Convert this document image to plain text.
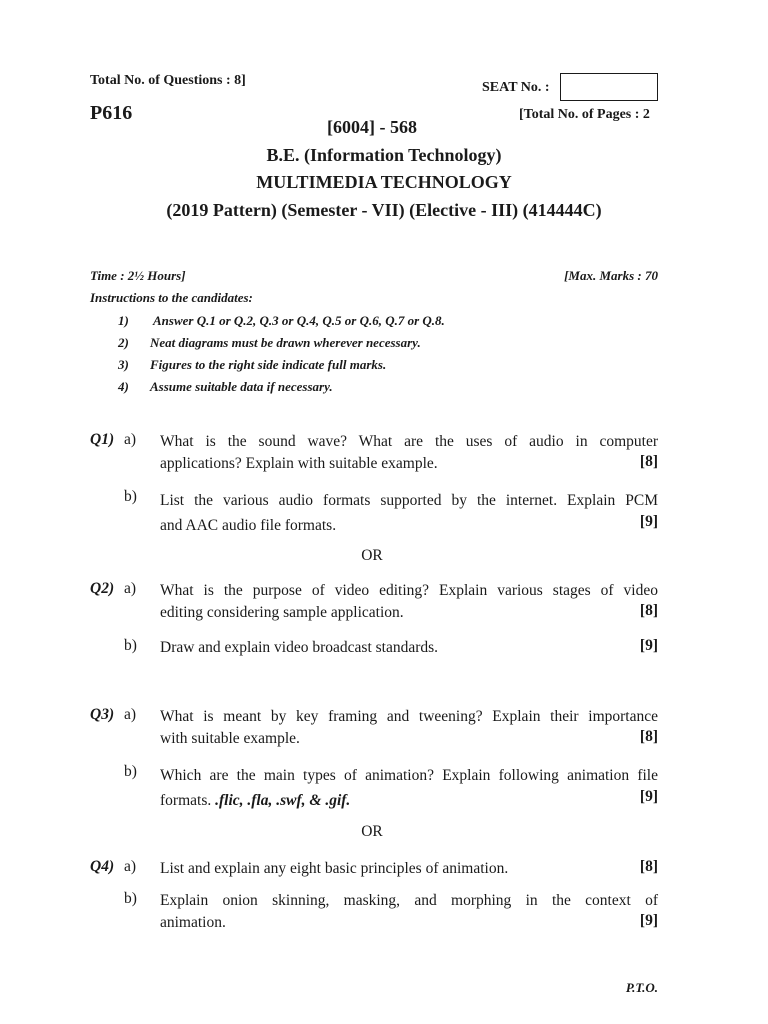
Total No. of Questions : 8]	SEAT No. :
P616	[Total No. of Pages : 2
[6004] - 568
B.E. (Information Technology)
MULTIMEDIA TECHNOLOGY
(2019 Pattern) (Semester - VII) (Elective - III) (414444C)
Time : 2½ Hours]	[Max. Marks : 70
Instructions to the candidates:
1) Answer Q.1 or Q.2, Q.3 or Q.4, Q.5 or Q.6, Q.7 or Q.8.
2) Neat diagrams must be drawn wherever necessary.
3) Figures to the right side indicate full marks.
4) Assume suitable data if necessary.
Q1) a) What is the sound wave? What are the uses of audio in computer
applications? Explain with suitable example.	[8]
b) List the various audio formats supported by the internet. Explain PCM
and AAC audio file formats.	[9]
OR
Q2) a) What is the purpose of video editing? Explain various stages of video
editing considering sample application.	[8]
b) Draw and explain video broadcast standards.	[9]
Q3) a) What is meant by key framing and tweening? Explain their importance
with suitable example.	[8]
b) Which are the main types of animation? Explain following animation file
formats. .flic, .fla, .swf, & .gif.	[9]
OR
Q4) a) List and explain any eight basic principles of animation.	[8]
b) Explain onion skinning, masking, and morphing in the context of
animation.	[9]
P.T.O.
